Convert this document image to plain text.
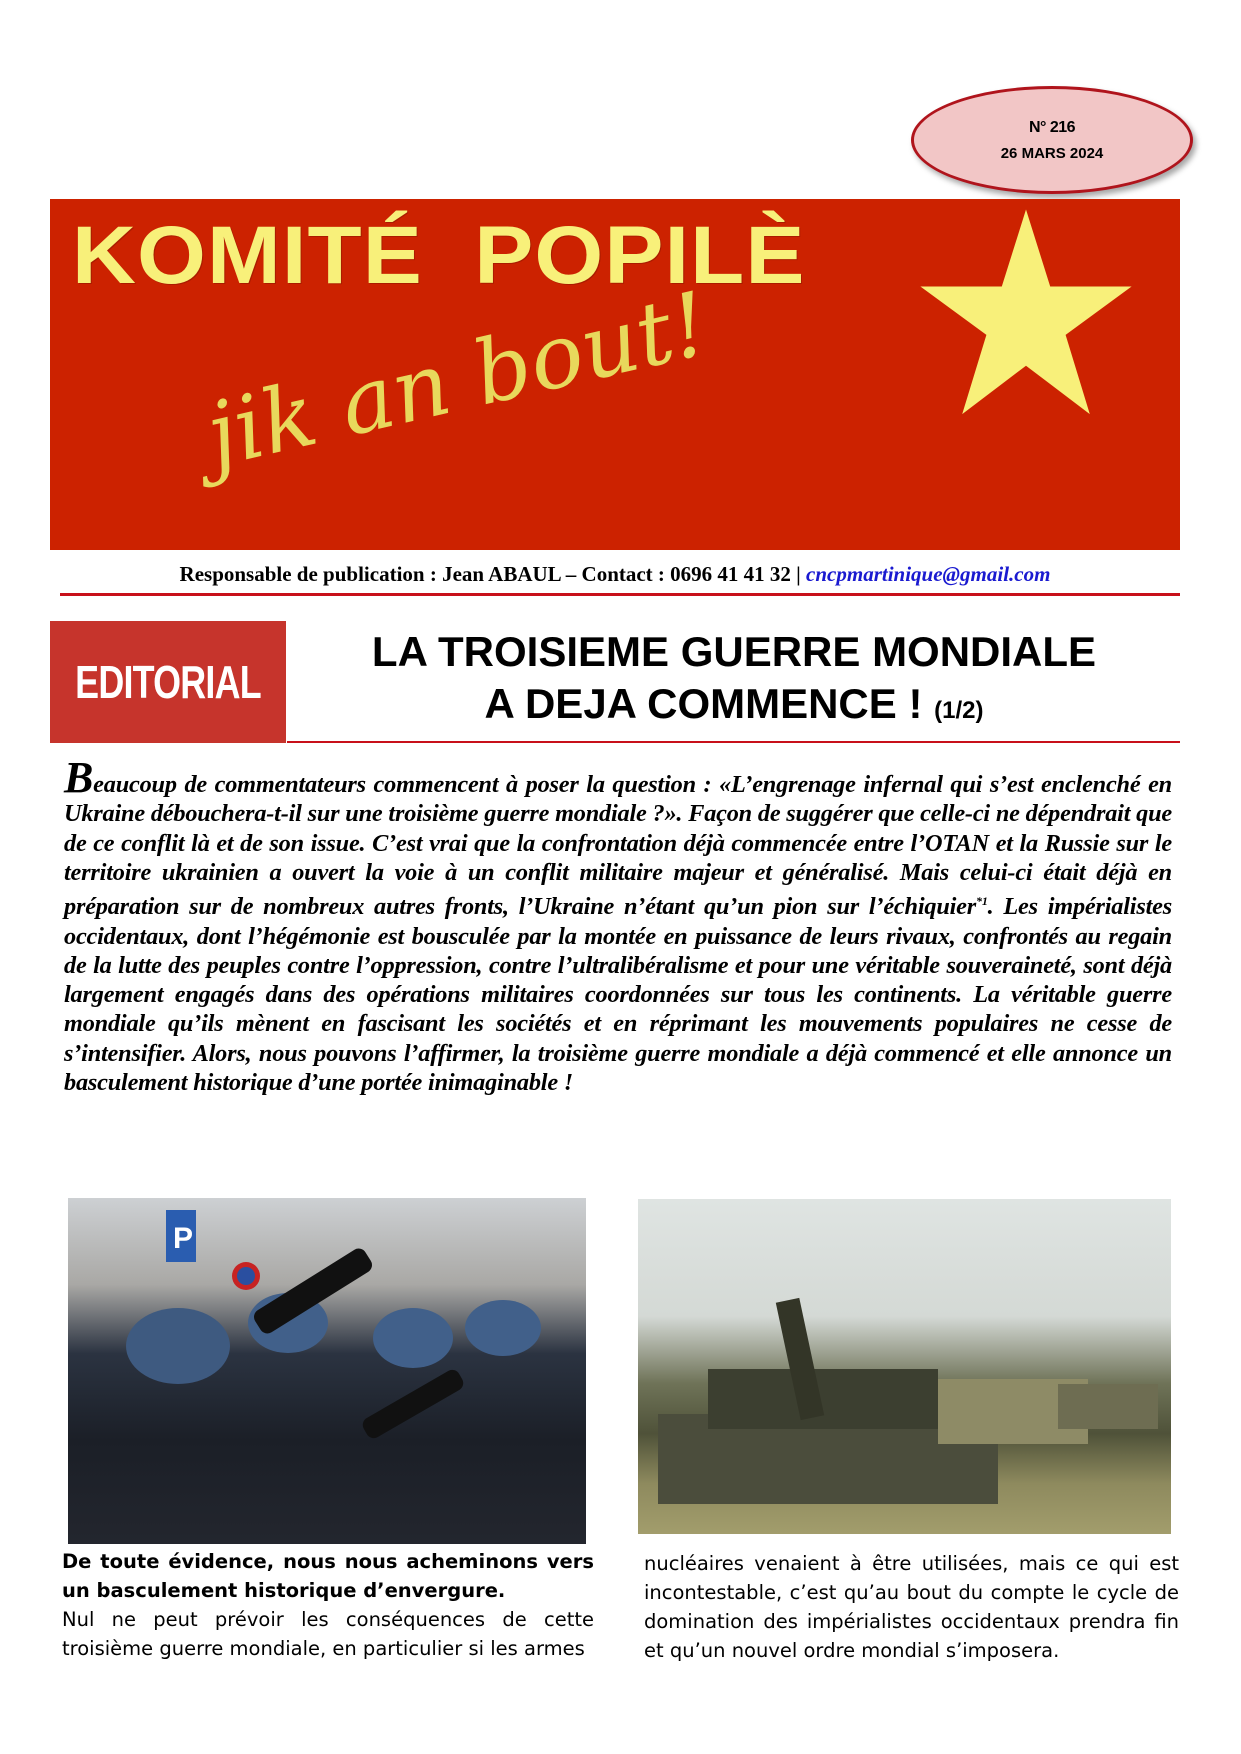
N° 216
26 MARS 2024
KOMITÉ  POPILÈ
jik an bout!
Responsable de publication : Jean ABAUL – Contact : 0696 41 41 32 | cncpmartinique@gmail.com
EDITORIAL
LA TROISIEME GUERRE MONDIALE
A DEJA COMMENCE ! (1/2)
Beaucoup de commentateurs commencent à poser la question : «L’engrenage infernal qui s’est enclenché en Ukraine débouchera-t-il sur une troisième guerre mondiale ?». Façon de suggérer que celle-ci ne dépendrait que de ce conflit là et de son issue. C’est vrai que la confrontation déjà commencée entre l’OTAN et la Russie sur le territoire ukrainien a ouvert la voie à un conflit militaire majeur et généralisé. Mais celui-ci était déjà en préparation sur de nombreux autres fronts, l’Ukraine n’étant qu’un pion sur l’échiquier$^{*1}$. Les impérialistes occidentaux, dont l’hégémonie est bousculée par la montée en puissance de leurs rivaux, confrontés au regain de la lutte des peuples contre l’oppression, contre l’ultralibéralisme et pour une véritable souveraineté, sont déjà largement engagés dans des opérations militaires coordonnées sur tous les continents. La véritable guerre mondiale qu’ils mènent en fascisant les sociétés et en réprimant les mouvements populaires ne cesse de s’intensifier. Alors, nous pouvons l’affirmer, la troisième guerre mondiale a déjà commencé et elle annonce un basculement historique d’une portée inimaginable !
P
De toute évidence, nous nous acheminons vers un basculement historique d’envergure.
Nul ne peut prévoir les conséquences de cette troisième guerre mondiale, en particulier si les armes
nucléaires venaient à être utilisées, mais ce qui est incontestable, c’est qu’au bout du compte le cycle de domination des impérialistes occidentaux prendra fin et qu’un nouvel ordre mondial s’imposera.
